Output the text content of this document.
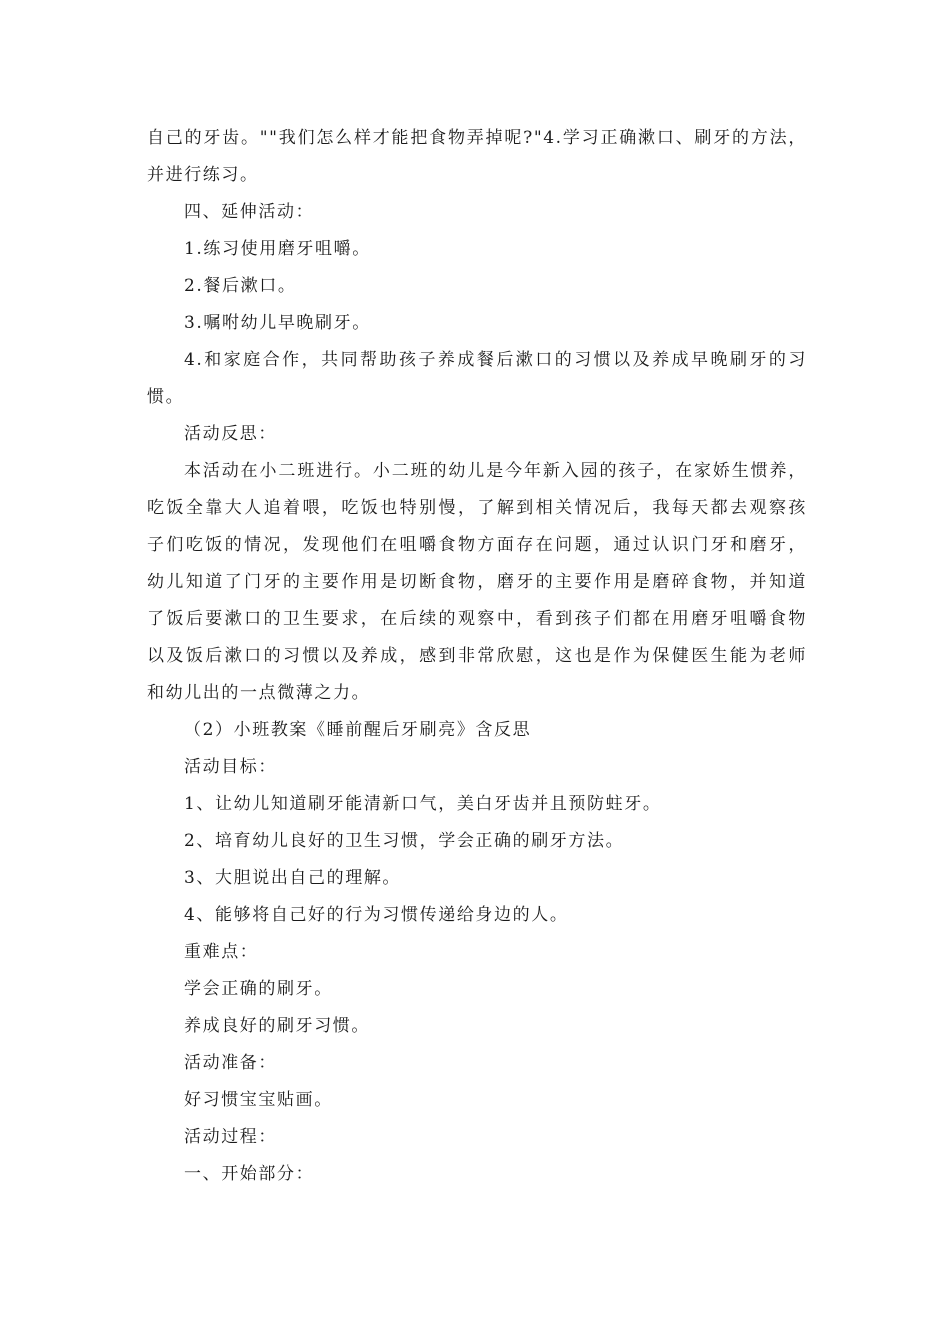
自己的牙齿。""我们怎么样才能把食物弄掉呢?"4.学习正确漱口、刷牙的方法，
并进行练习。
四、延伸活动：
1.练习使用磨牙咀嚼。
2.餐后漱口。
3.嘱咐幼儿早晚刷牙。
4.和家庭合作，共同帮助孩子养成餐后漱口的习惯以及养成早晚刷牙的习
惯。
活动反思：
本活动在小二班进行。小二班的幼儿是今年新入园的孩子，在家娇生惯养，
吃饭全靠大人追着喂，吃饭也特别慢，了解到相关情况后，我每天都去观察孩
子们吃饭的情况，发现他们在咀嚼食物方面存在问题，通过认识门牙和磨牙，
幼儿知道了门牙的主要作用是切断食物，磨牙的主要作用是磨碎食物，并知道
了饭后要漱口的卫生要求，在后续的观察中，看到孩子们都在用磨牙咀嚼食物
以及饭后漱口的习惯以及养成，感到非常欣慰，这也是作为保健医生能为老师
和幼儿出的一点微薄之力。
（2）小班教案《睡前醒后牙刷亮》含反思
活动目标：
1、让幼儿知道刷牙能清新口气，美白牙齿并且预防蛀牙。
2、培育幼儿良好的卫生习惯，学会正确的刷牙方法。
3、大胆说出自己的理解。
4、能够将自己好的行为习惯传递给身边的人。
重难点：
学会正确的刷牙。
养成良好的刷牙习惯。
活动准备：
好习惯宝宝贴画。
活动过程：
一、开始部分：
